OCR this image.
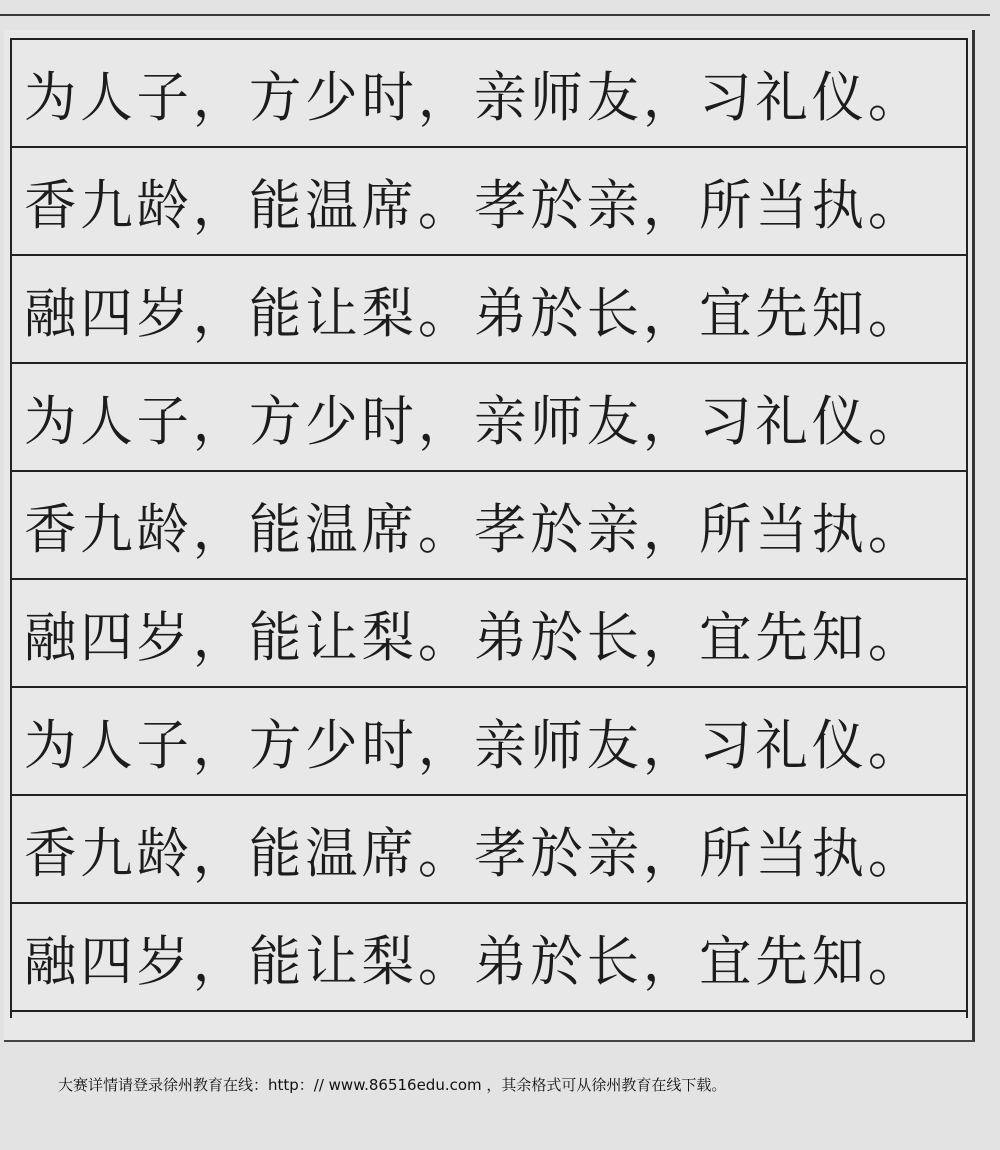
为人子，方少时，亲师友，习礼仪。
香九龄，能温席。孝於亲，所当执。
融四岁，能让梨。弟於长，宜先知。
为人子，方少时，亲师友，习礼仪。
香九龄，能温席。孝於亲，所当执。
融四岁，能让梨。弟於长，宜先知。
为人子，方少时，亲师友，习礼仪。
香九龄，能温席。孝於亲，所当执。
融四岁，能让梨。弟於长，宜先知。
大赛详情请登录徐州教育在线：http：// www.86516edu.com ，其余格式可从徐州教育在线下载。
